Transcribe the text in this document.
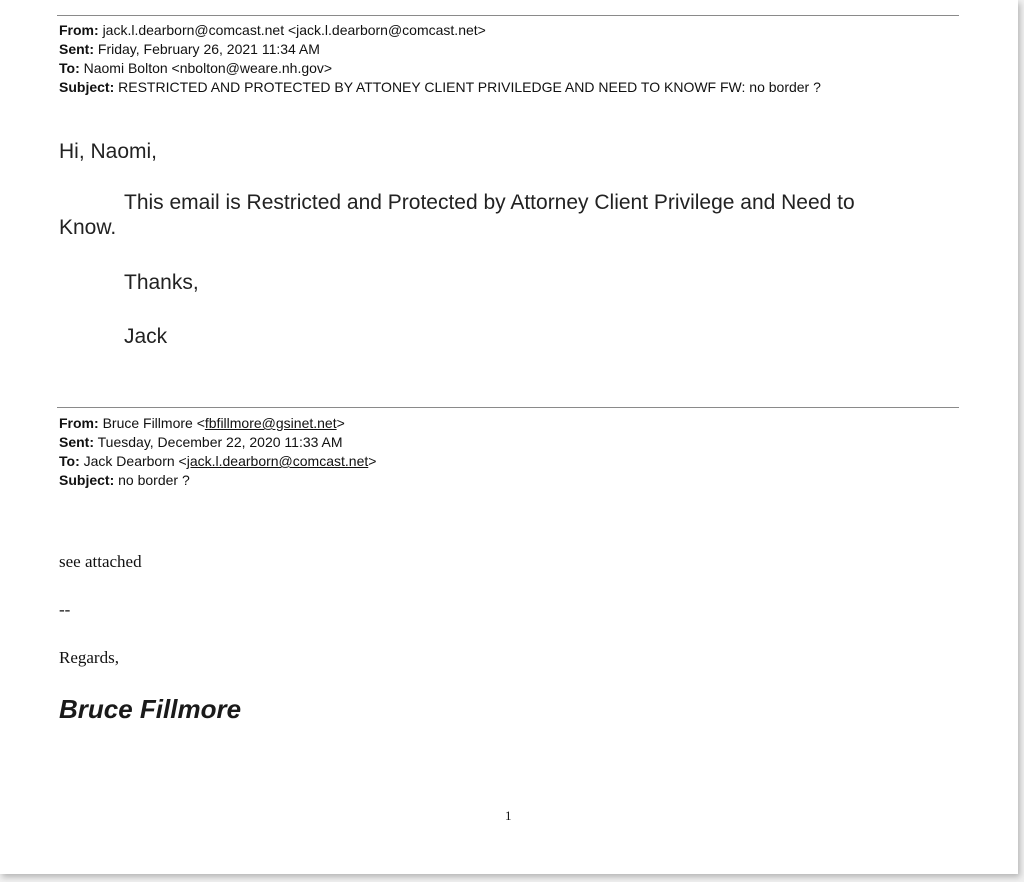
From: jack.l.dearborn@comcast.net <jack.l.dearborn@comcast.net>
Sent: Friday, February 26, 2021 11:34 AM
To: Naomi Bolton <nbolton@weare.nh.gov>
Subject: RESTRICTED AND PROTECTED BY ATTONEY CLIENT PRIVILEDGE AND NEED TO KNOWF FW: no border ?
Hi, Naomi,
This email is Restricted and Protected by Attorney Client Privilege and Need to
Know.
Thanks,
Jack
From: Bruce Fillmore <fbfillmore@gsinet.net>
Sent: Tuesday, December 22, 2020 11:33 AM
To: Jack Dearborn <jack.l.dearborn@comcast.net>
Subject: no border ?
see attached
--
Regards,
Bruce Fillmore
1
